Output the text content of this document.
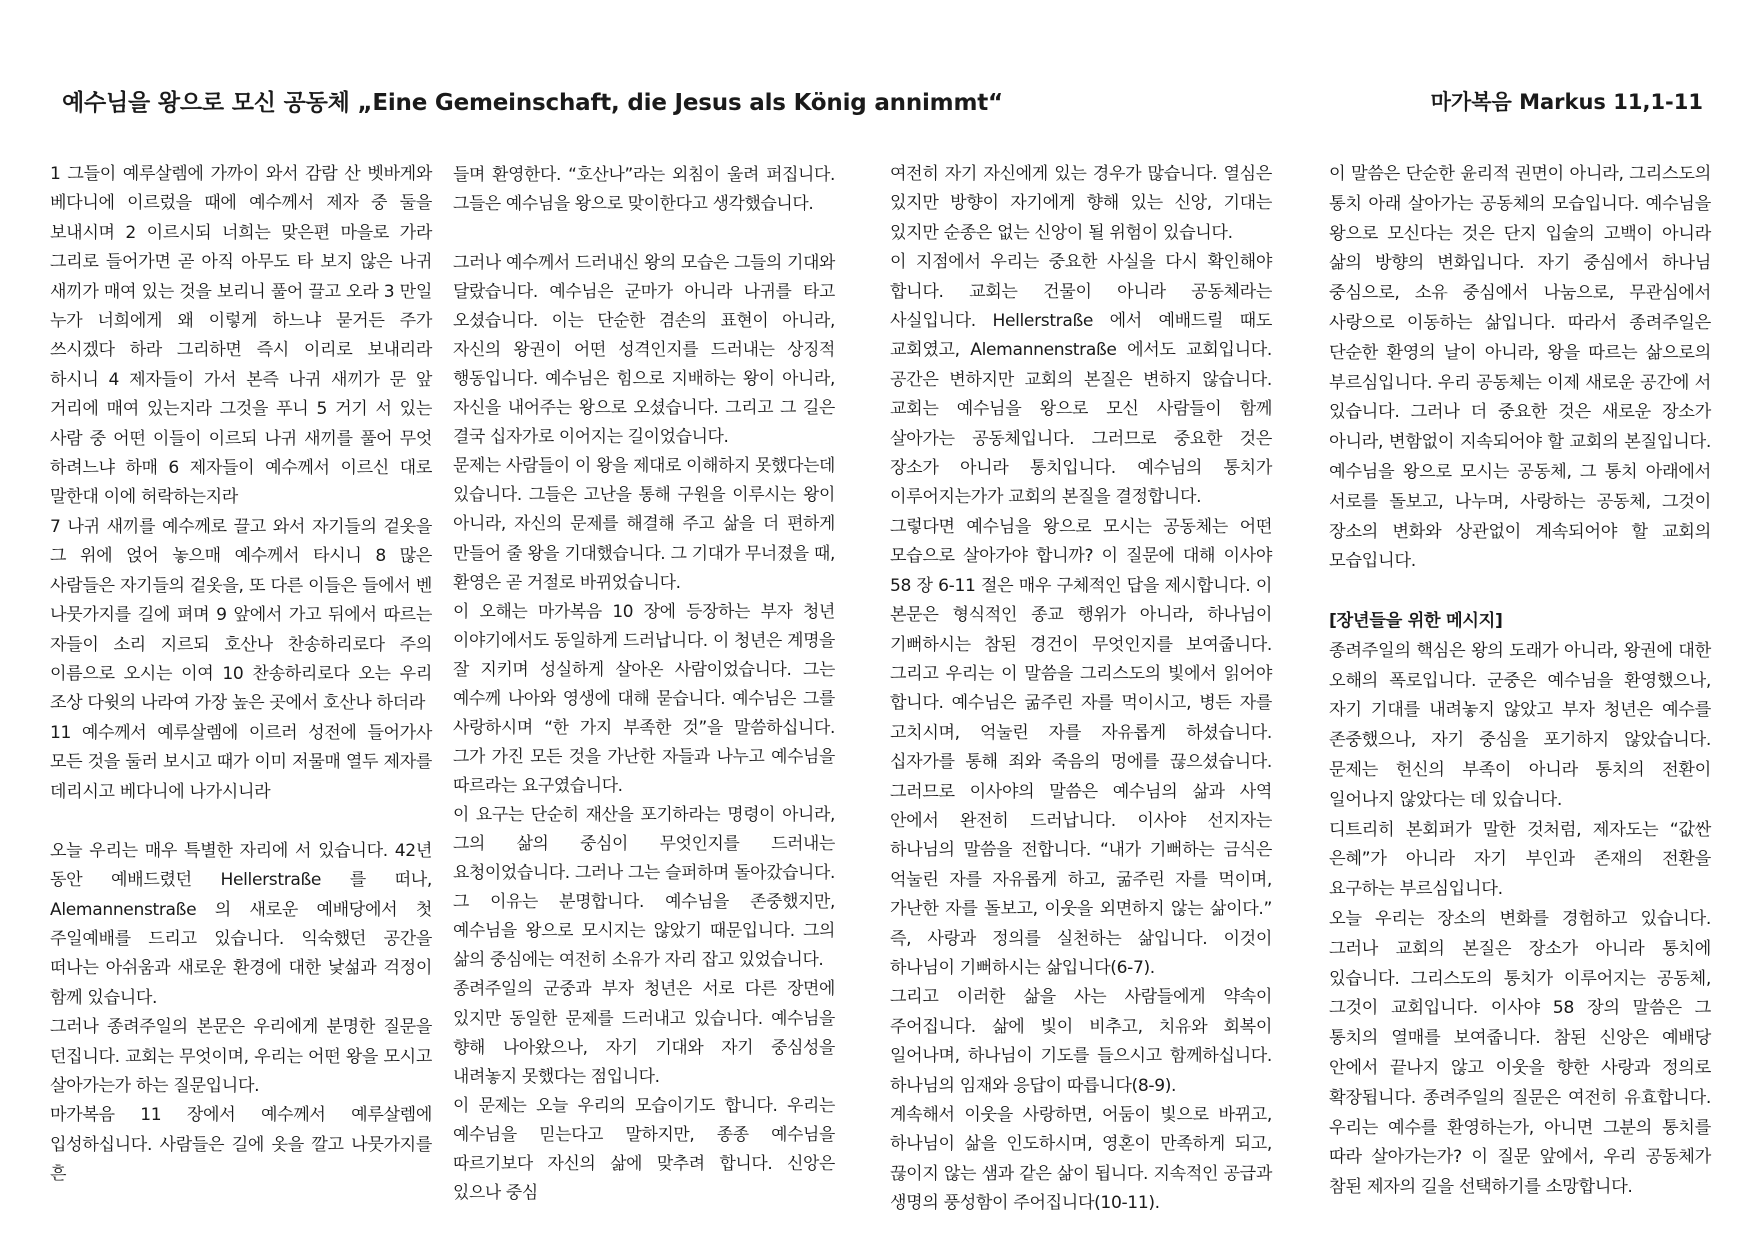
예수님을 왕으로 모신 공동체 „Eine Gemeinschaft, die Jesus als König annimmt“	마가복음 Markus 11,1-11

1 그들이 예루살렘에 가까이 와서 감람 산 벳바게와 베다니에 이르렀을 때에 예수께서 제자 중 둘을 보내시며 2 이르시되 너희는 맞은편 마을로 가라 그리로 들어가면 곧 아직 아무도 타 보지 않은 나귀 새끼가 매여 있는 것을 보리니 풀어 끌고 오라 3 만일 누가 너희에게 왜 이렇게 하느냐 묻거든 주가 쓰시겠다 하라 그리하면 즉시 이리로 보내리라 하시니 4 제자들이 가서 본즉 나귀 새끼가 문 앞 거리에 매여 있는지라 그것을 푸니 5 거기 서 있는 사람 중 어떤 이들이 이르되 나귀 새끼를 풀어 무엇 하려느냐 하매 6 제자들이 예수께서 이르신 대로 말한대 이에 허락하는지라

7 나귀 새끼를 예수께로 끌고 와서 자기들의 겉옷을 그 위에 얹어 놓으매 예수께서 타시니 8 많은 사람들은 자기들의 겉옷을, 또 다른 이들은 들에서 벤 나뭇가지를 길에 펴며 9 앞에서 가고 뒤에서 따르는 자들이 소리 지르되 호산나 찬송하리로다 주의 이름으로 오시는 이여 10 찬송하리로다 오는 우리 조상 다윗의 나라여 가장 높은 곳에서 호산나 하더라

11 예수께서 예루살렘에 이르러 성전에 들어가사 모든 것을 둘러 보시고 때가 이미 저물매 열두 제자를 데리시고 베다니에 나가시니라

오늘 우리는 매우 특별한 자리에 서 있습니다. 42년 동안 예배드렸던 Hellerstraße 를 떠나, Alemannenstraße 의 새로운 예배당에서 첫 주일예배를 드리고 있습니다. 익숙했던 공간을 떠나는 아쉬움과 새로운 환경에 대한 낯섦과 걱정이 함께 있습니다.

그러나 종려주일의 본문은 우리에게 분명한 질문을 던집니다. 교회는 무엇이며, 우리는 어떤 왕을 모시고 살아가는가 하는 질문입니다.

마가복음 11 장에서 예수께서 예루살렘에 입성하십니다. 사람들은 길에 옷을 깔고 나뭇가지를 흔

들며 환영한다. “호산나”라는 외침이 울려 퍼집니다. 그들은 예수님을 왕으로 맞이한다고 생각했습니다.

그러나 예수께서 드러내신 왕의 모습은 그들의 기대와 달랐습니다. 예수님은 군마가 아니라 나귀를 타고 오셨습니다. 이는 단순한 겸손의 표현이 아니라, 자신의 왕권이 어떤 성격인지를 드러내는 상징적 행동입니다. 예수님은 힘으로 지배하는 왕이 아니라, 자신을 내어주는 왕으로 오셨습니다. 그리고 그 길은 결국 십자가로 이어지는 길이었습니다.

문제는 사람들이 이 왕을 제대로 이해하지 못했다는데 있습니다. 그들은 고난을 통해 구원을 이루시는 왕이 아니라, 자신의 문제를 해결해 주고 삶을 더 편하게 만들어 줄 왕을 기대했습니다. 그 기대가 무너졌을 때, 환영은 곧 거절로 바뀌었습니다.

이 오해는 마가복음 10 장에 등장하는 부자 청년 이야기에서도 동일하게 드러납니다. 이 청년은 계명을 잘 지키며 성실하게 살아온 사람이었습니다. 그는 예수께 나아와 영생에 대해 묻습니다. 예수님은 그를 사랑하시며 “한 가지 부족한 것”을 말씀하십니다. 그가 가진 모든 것을 가난한 자들과 나누고 예수님을 따르라는 요구였습니다.

이 요구는 단순히 재산을 포기하라는 명령이 아니라, 그의 삶의 중심이 무엇인지를 드러내는 요청이었습니다. 그러나 그는 슬퍼하며 돌아갔습니다. 그 이유는 분명합니다. 예수님을 존중했지만, 예수님을 왕으로 모시지는 않았기 때문입니다. 그의 삶의 중심에는 여전히 소유가 자리 잡고 있었습니다.

종려주일의 군중과 부자 청년은 서로 다른 장면에 있지만 동일한 문제를 드러내고 있습니다. 예수님을 향해 나아왔으나, 자기 기대와 자기 중심성을 내려놓지 못했다는 점입니다.

이 문제는 오늘 우리의 모습이기도 합니다. 우리는 예수님을 믿는다고 말하지만, 종종 예수님을 따르기보다 자신의 삶에 맞추려 합니다. 신앙은 있으나 중심

여전히 자기 자신에게 있는 경우가 많습니다. 열심은 있지만 방향이 자기에게 향해 있는 신앙, 기대는 있지만 순종은 없는 신앙이 될 위험이 있습니다.

이 지점에서 우리는 중요한 사실을 다시 확인해야 합니다. 교회는 건물이 아니라 공동체라는 사실입니다. Hellerstraße 에서 예배드릴 때도 교회였고, Alemannenstraße 에서도 교회입니다. 공간은 변하지만 교회의 본질은 변하지 않습니다. 교회는 예수님을 왕으로 모신 사람들이 함께 살아가는 공동체입니다. 그러므로 중요한 것은 장소가 아니라 통치입니다. 예수님의 통치가 이루어지는가가 교회의 본질을 결정합니다.

그렇다면 예수님을 왕으로 모시는 공동체는 어떤 모습으로 살아가야 합니까? 이 질문에 대해 이사야 58 장 6-11 절은 매우 구체적인 답을 제시합니다. 이 본문은 형식적인 종교 행위가 아니라, 하나님이 기뻐하시는 참된 경건이 무엇인지를 보여줍니다. 그리고 우리는 이 말씀을 그리스도의 빛에서 읽어야 합니다. 예수님은 굶주린 자를 먹이시고, 병든 자를 고치시며, 억눌린 자를 자유롭게 하셨습니다. 십자가를 통해 죄와 죽음의 멍에를 끊으셨습니다. 그러므로 이사야의 말씀은 예수님의 삶과 사역 안에서 완전히 드러납니다. 이사야 선지자는 하나님의 말씀을 전합니다. “내가 기뻐하는 금식은 억눌린 자를 자유롭게 하고, 굶주린 자를 먹이며, 가난한 자를 돌보고, 이웃을 외면하지 않는 삶이다.” 즉, 사랑과 정의를 실천하는 삶입니다. 이것이 하나님이 기뻐하시는 삶입니다(6-7).

그리고 이러한 삶을 사는 사람들에게 약속이 주어집니다. 삶에 빛이 비추고, 치유와 회복이 일어나며, 하나님이 기도를 들으시고 함께하십니다. 하나님의 임재와 응답이 따릅니다(8-9).

계속해서 이웃을 사랑하면, 어둠이 빛으로 바뀌고, 하나님이 삶을 인도하시며, 영혼이 만족하게 되고, 끊이지 않는 샘과 같은 삶이 됩니다. 지속적인 공급과 생명의 풍성함이 주어집니다(10-11).

이 말씀은 단순한 윤리적 권면이 아니라, 그리스도의 통치 아래 살아가는 공동체의 모습입니다. 예수님을 왕으로 모신다는 것은 단지 입술의 고백이 아니라 삶의 방향의 변화입니다. 자기 중심에서 하나님 중심으로, 소유 중심에서 나눔으로, 무관심에서 사랑으로 이동하는 삶입니다. 따라서 종려주일은 단순한 환영의 날이 아니라, 왕을 따르는 삶으로의 부르심입니다. 우리 공동체는 이제 새로운 공간에 서 있습니다. 그러나 더 중요한 것은 새로운 장소가 아니라, 변함없이 지속되어야 할 교회의 본질입니다. 예수님을 왕으로 모시는 공동체, 그 통치 아래에서 서로를 돌보고, 나누며, 사랑하는 공동체, 그것이 장소의 변화와 상관없이 계속되어야 할 교회의 모습입니다.

[장년들을 위한 메시지]

종려주일의 핵심은 왕의 도래가 아니라, 왕권에 대한 오해의 폭로입니다. 군중은 예수님을 환영했으나, 자기 기대를 내려놓지 않았고 부자 청년은 예수를 존중했으나, 자기 중심을 포기하지 않았습니다. 문제는 헌신의 부족이 아니라 통치의 전환이 일어나지 않았다는 데 있습니다.

디트리히 본회퍼가 말한 것처럼, 제자도는 “값싼 은혜”가 아니라 자기 부인과 존재의 전환을 요구하는 부르심입니다.

오늘 우리는 장소의 변화를 경험하고 있습니다. 그러나 교회의 본질은 장소가 아니라 통치에 있습니다. 그리스도의 통치가 이루어지는 공동체, 그것이 교회입니다. 이사야 58 장의 말씀은 그 통치의 열매를 보여줍니다. 참된 신앙은 예배당 안에서 끝나지 않고 이웃을 향한 사랑과 정의로 확장됩니다. 종려주일의 질문은 여전히 유효합니다. 우리는 예수를 환영하는가, 아니면 그분의 통치를 따라 살아가는가? 이 질문 앞에서, 우리 공동체가 참된 제자의 길을 선택하기를 소망합니다.
